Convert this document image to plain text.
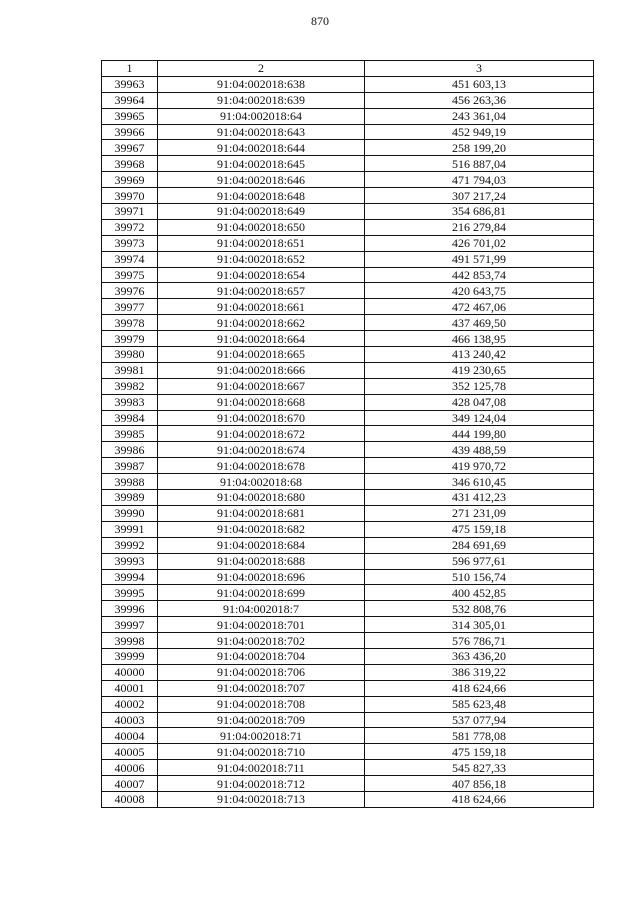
870
1	2	3
39963	91:04:002018:638	451 603,13
39964	91:04:002018:639	456 263,36
39965	91:04:002018:64	243 361,04
39966	91:04:002018:643	452 949,19
39967	91:04:002018:644	258 199,20
39968	91:04:002018:645	516 887,04
39969	91:04:002018:646	471 794,03
39970	91:04:002018:648	307 217,24
39971	91:04:002018:649	354 686,81
39972	91:04:002018:650	216 279,84
39973	91:04:002018:651	426 701,02
39974	91:04:002018:652	491 571,99
39975	91:04:002018:654	442 853,74
39976	91:04:002018:657	420 643,75
39977	91:04:002018:661	472 467,06
39978	91:04:002018:662	437 469,50
39979	91:04:002018:664	466 138,95
39980	91:04:002018:665	413 240,42
39981	91:04:002018:666	419 230,65
39982	91:04:002018:667	352 125,78
39983	91:04:002018:668	428 047,08
39984	91:04:002018:670	349 124,04
39985	91:04:002018:672	444 199,80
39986	91:04:002018:674	439 488,59
39987	91:04:002018:678	419 970,72
39988	91:04:002018:68	346 610,45
39989	91:04:002018:680	431 412,23
39990	91:04:002018:681	271 231,09
39991	91:04:002018:682	475 159,18
39992	91:04:002018:684	284 691,69
39993	91:04:002018:688	596 977,61
39994	91:04:002018:696	510 156,74
39995	91:04:002018:699	400 452,85
39996	91:04:002018:7	532 808,76
39997	91:04:002018:701	314 305,01
39998	91:04:002018:702	576 786,71
39999	91:04:002018:704	363 436,20
40000	91:04:002018:706	386 319,22
40001	91:04:002018:707	418 624,66
40002	91:04:002018:708	585 623,48
40003	91:04:002018:709	537 077,94
40004	91:04:002018:71	581 778,08
40005	91:04:002018:710	475 159,18
40006	91:04:002018:711	545 827,33
40007	91:04:002018:712	407 856,18
40008	91:04:002018:713	418 624,66
